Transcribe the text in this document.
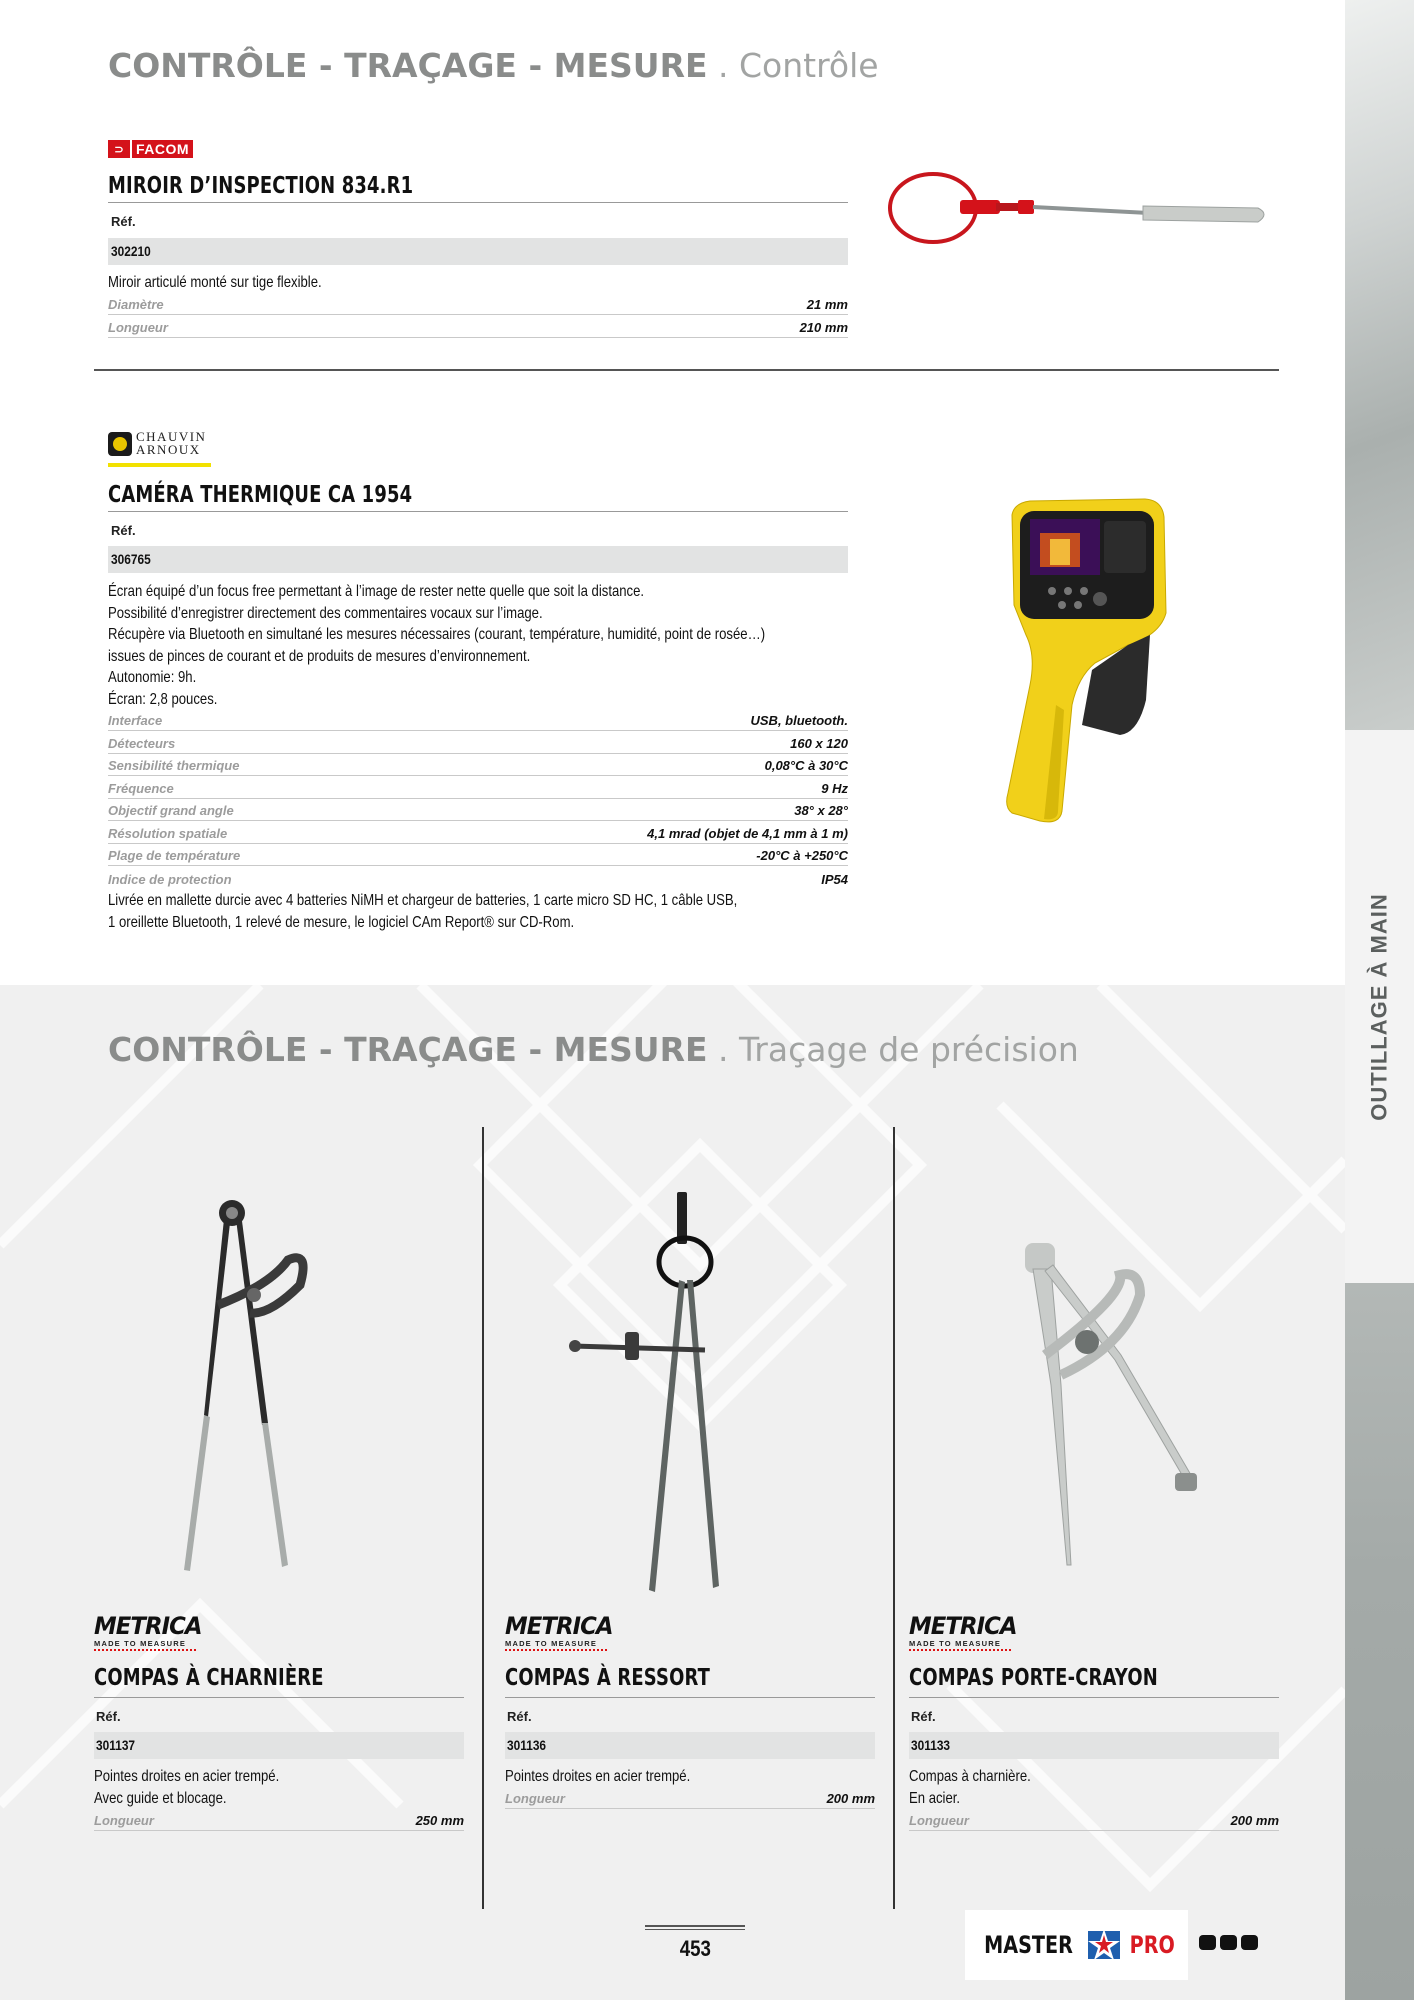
OUTILLAGE À MAIN
CONTRÔLE - TRAÇAGE - MESURE . Contrôle
⊃ FACOM
MIROIR D’INSPECTION 834.R1
Réf.
302210
Miroir articulé monté sur tige flexible.
Diamètre	21 mm
Longueur	210 mm
CHAUVIN
ARNOUX
CAMÉRA THERMIQUE CA 1954
Réf.
306765
Écran équipé d’un focus free permettant à l’image de rester nette quelle que soit la distance.
Possibilité d’enregistrer directement des commentaires vocaux sur l’image.
Récupère via Bluetooth en simultané les mesures nécessaires (courant, température, humidité, point de rosée…)
issues de pinces de courant et de produits de mesures d’environnement.
Autonomie: 9h.
Écran: 2,8 pouces.
Interface	USB, bluetooth.
Détecteurs	160 x 120
Sensibilité thermique	0,08°C à 30°C
Fréquence	9 Hz
Objectif grand angle	38° x 28°
Résolution spatiale	4,1 mrad (objet de 4,1 mm à 1 m)
Plage de température	-20°C à +250°C
Indice de protection	IP54
Livrée en mallette durcie avec 4 batteries NiMH et chargeur de batteries, 1 carte micro SD HC, 1 câble USB,
1 oreillette Bluetooth, 1 relevé de mesure, le logiciel CAm Report® sur CD-Rom.
CONTRÔLE - TRAÇAGE - MESURE . Traçage de précision
METRICA
MADE TO MEASURE
COMPAS À CHARNIÈRE
Réf.
301137
Pointes droites en acier trempé.
Avec guide et blocage.
Longueur	250 mm
METRICA
MADE TO MEASURE
COMPAS À RESSORT
Réf.
301136
Pointes droites en acier trempé.
Longueur	200 mm
METRICA
MADE TO MEASURE
COMPAS PORTE-CRAYON
Réf.
301133
Compas à charnière.
En acier.
Longueur	200 mm
453	MASTER PRO
